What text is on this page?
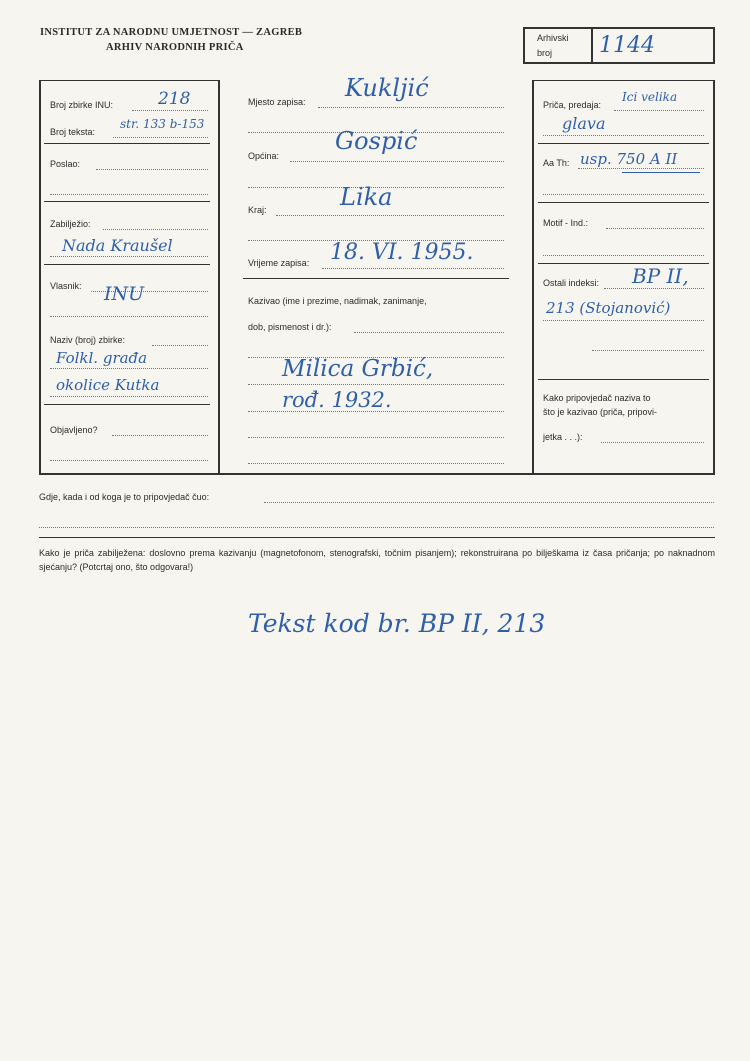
INSTITUT ZA NARODNU UMJETNOST — ZAGREB
ARHIV NARODNIH PRIČA
Arhivski
broj 1144
Broj zbirke INU:	218
Broj teksta:
str. 133 b-153
Poslao:
Zabilježio:
Nada Kraušel
Vlasnik: INU
Naziv (broj) zbirke:
Folkl. građa
okolice Kutka
Objavljeno?
Mjesto zapisa: Kukljić
Općina:
Gospić
Lika
Kraj:
Vrijeme zapisa: 18. VI. 1955.
Kazivao (ime i prezime, nadimak, zanimanje,
dob, pismenost i dr.):
Milica Grbić,
rođ. 1932.
Priča, predaja:
Ici velika
glava
Aa Th: usp. 750 A II
Motif - Ind.:
Ostali indeksi: BP II,
213 (Stojanović)
Kako pripovjedač naziva to
što je kazivao (priča, pripovi-
jetka . . .):
Gdje, kada i od koga je to pripovjedač čuo:
Kako je priča zabilježena: doslovno prema kazivanju (magnetofonom, stenografski, točnim pisanjem); rekonstruirana po bilješkama iz časa pričanja; po naknadnom sjećanju? (Potcrtaj ono, što odgovara!)
Tekst kod br. BP II, 213
